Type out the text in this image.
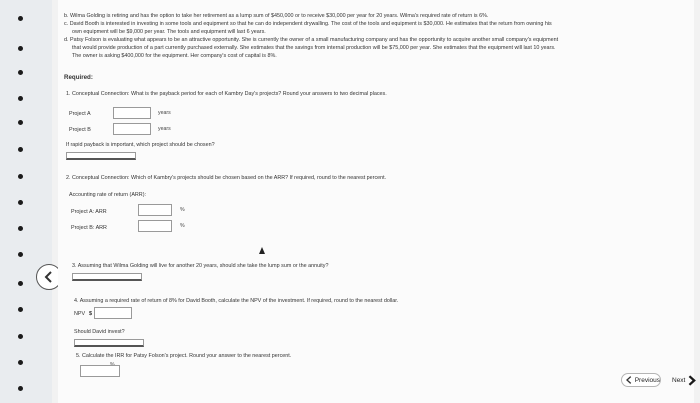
b. Wilma Golding is retiring and has the option to take her retirement as a lump sum of $450,000 or to receive $30,000 per year for 20 years. Wilma's required rate of return is 6%.
c. David Booth is interested in investing in some tools and equipment so that he can do independent drywalling. The cost of the tools and equipment is $30,000. He estimates that the return from owning his
own equipment will be $9,000 per year. The tools and equipment will last 6 years.
d. Patsy Folson is evaluating what appears to be an attractive opportunity. She is currently the owner of a small manufacturing company and has the opportunity to acquire another small company's equipment
that would provide production of a part currently purchased externally. She estimates that the savings from internal production will be $75,000 per year. She estimates that the equipment will last 10 years.
The owner is asking $400,000 for the equipment. Her company's cost of capital is 8%.
Required:
1. Conceptual Connection: What is the payback period for each of Kambry Day's projects? Round your answers to two decimal places.
Project A	years
Project B	years
If rapid payback is important, which project should be chosen?
2. Conceptual Connection: Which of Kambry's projects should be chosen based on the ARR? If required, round to the nearest percent.
Accounting rate of return (ARR):
Project A: ARR	%
Project B: ARR	%
3. Assuming that Wilma Golding will live for another 20 years, should she take the lump sum or the annuity?
4. Assuming a required rate of return of 8% for David Booth, calculate the NPV of the investment. If required, round to the nearest dollar.
NPV $
Should David invest?
5. Calculate the IRR for Patsy Folson's project. Round your answer to the nearest percent.
Previous Next
